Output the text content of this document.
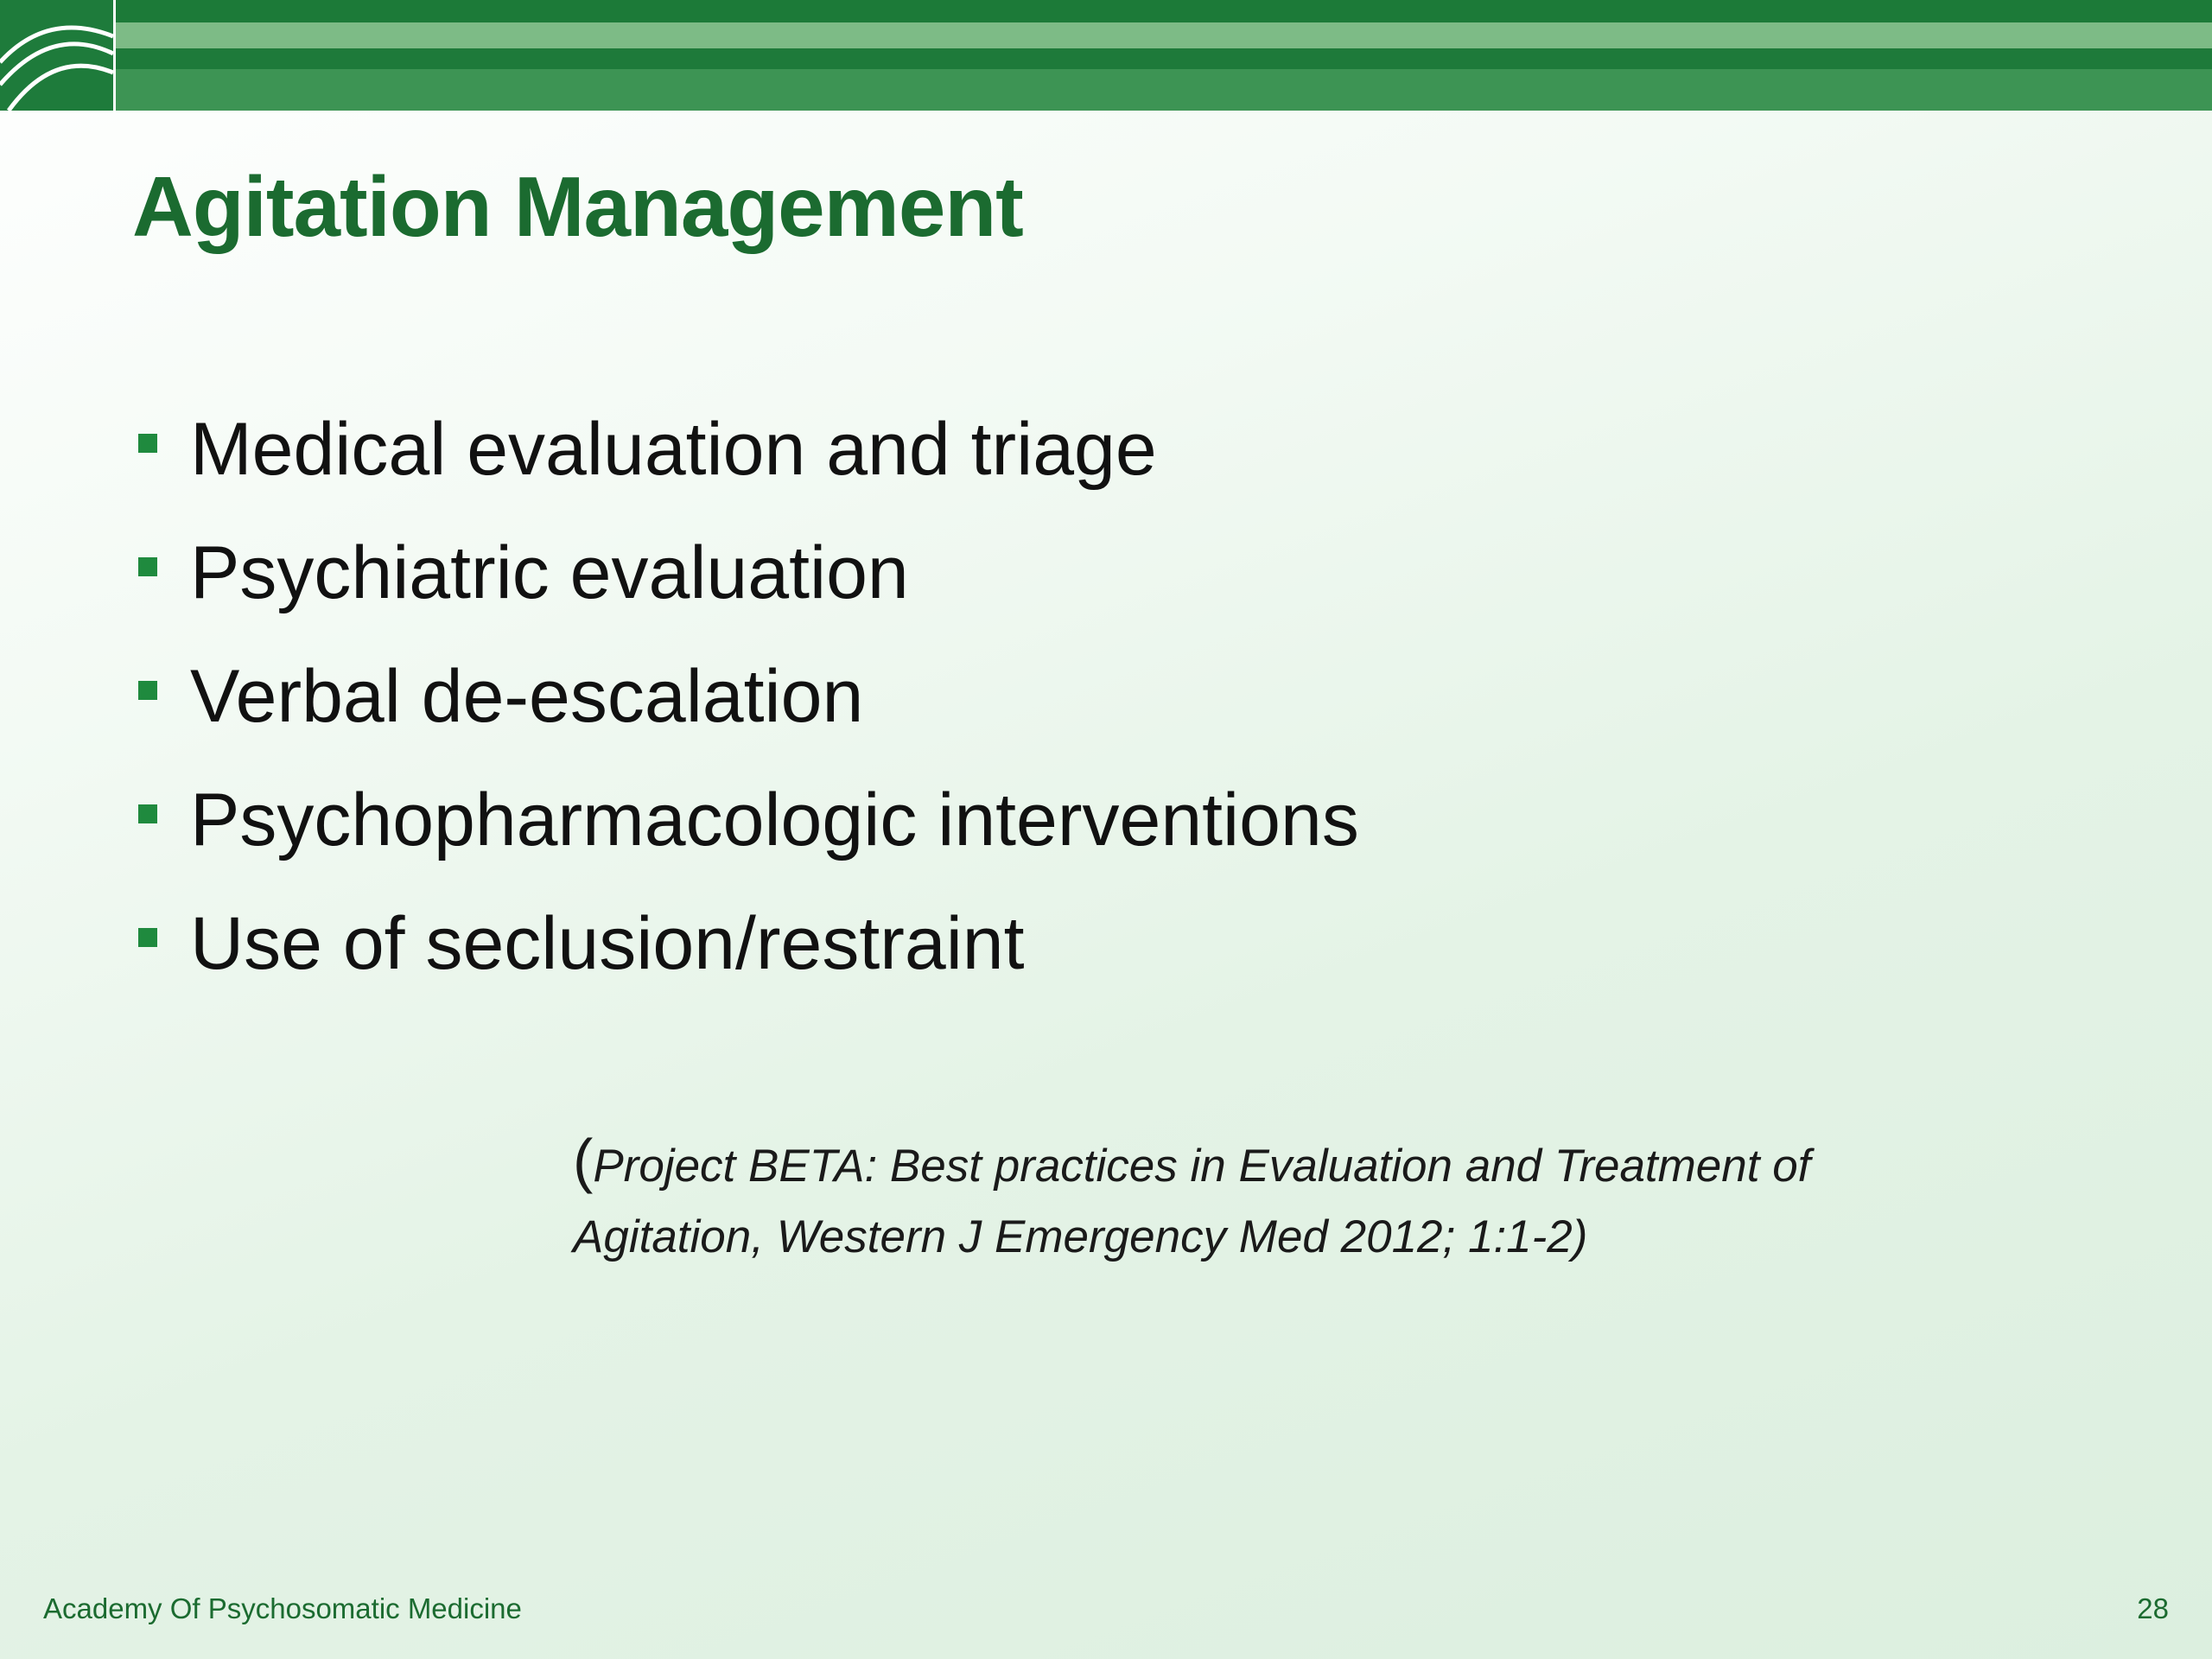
Agitation Management
Medical evaluation and triage
Psychiatric evaluation
Verbal de-escalation
Psychopharmacologic interventions
Use of seclusion/restraint

(Project BETA: Best practices in Evaluation and Treatment of Agitation, Western J Emergency Med 2012; 1:1-2)

Academy Of Psychosomatic Medicine	28
